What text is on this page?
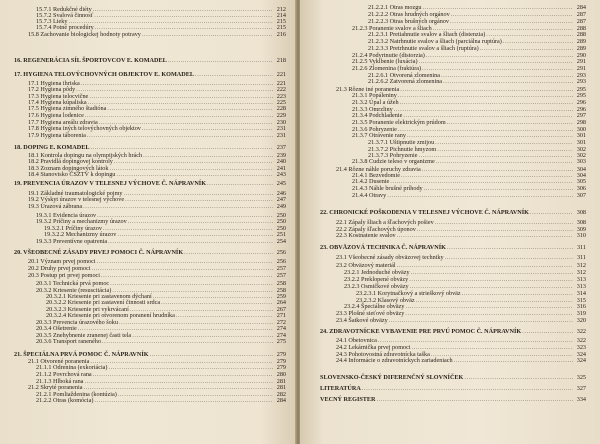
15.7.1 Redukčné diéty .....	212
15.7.2 Svalová činnosť .....	214
15.7.3 Lieky .....	215
15.7.4 Potné procedúry .....	215
15.8 Zachovanie biologickej hodnoty potravy .....	216
16. REGENERÁCIA SÍL ŠPORTOVCOV E. KOMADEL .....	218
17. HYGIENA TELOVÝCHOVNÝCH OBJEKTOV E. KOMADEL .....	221
17.1 Hygiena ihriska .....	221
17.2 Hygiena pôdy .....	222
17.3 Hygiena telocvične .....	223
17.4 Hygiena kúpaliska .....	225
17.5 Hygiena zimného štadióna .....	228
17.6 Hygiena lodenice .....	229
17.7 Hygiena areálu zdravia .....	230
17.8 Hygiena iných telovýchovných objektov .....	231
17.9 Hygiena táborenia .....	231
18. DOPING E. KOMADEL .....	237
18.1 Kontrola dopingu na olympijských hrách .....	239
18.2 Pravidlá dopingovej kontroly .....	240
18.3 Zoznam dopingových látok .....	241
18.4 Stanovisko ČSZTV k dopingu .....	243
19. PREVENCIA ÚRAZOV V TELESNEJ VÝCHOVE Č. NÁPRAVNÍK .....	245
19.1 Základné traumatologické pojmy .....	246
19.2 Výskyt úrazov v telesnej výchove .....	247
19.3 Úrazová zábrana .....	249
19.3.1 Evidencia úrazov .....	250
19.3.2 Príčiny a mechanizmy úrazov .....	250
19.3.2.1 Príčiny úrazov .....	250
19.3.2.2 Mechanizmy úrazov .....	251
19.3.3 Preventívne opatrenia .....	254
20. VŠEOBECNÉ ZÁSADY PRVEJ POMOCI Č. NÁPRAVNÍK .....	256
20.1 Význam prvej pomoci .....	256
20.2 Druhy prvej pomoci .....	257
20.3 Postup pri prvej pomoci .....	257
20.3.1 Technická prvá pomoc .....	258
20.3.2 Kriesenie (resuscitácia) .....	258
20.3.2.1 Kriesenie pri zastavenom dýchaní .....	259
20.3.2.2 Kriesenie pri zastavení činnosti srdca .....	264
20.3.2.3 Kriesenie pri vykrvácaní .....	267
20.3.2.4 Kriesenie pri otvorenom poranení hrudníka .....	271
20.3.3 Prevencia úrazového šoku .....	272
20.3.4 Ošetrenie .....	274
20.3.5 Znehybnenie zranenej časti tela .....	274
20.3.6 Transport raneného .....	275
21. ŠPECIÁLNA PRVÁ POMOC Č. NÁPRAVNÍK .....	279
21.1 Otvorené poranenia .....	279
21.1.1 Odrenina (exkoriácia) .....	279
21.1.2 Povrchová rana .....	280
21.1.3 Hlboká rana .....	281
21.2 Skryté poranenia .....	281
21.2.1 Pomliaždenina (kontúzia) .....	282
21.2.2 Otras (komócia) .....	284
21.2.2.1 Otras mozgu .....	284
21.2.2.2 Otras hrudných orgánov .....	287
21.2.2.3 Otras brušných orgánov .....	287
21.2.3 Poranenie svalov a šliach .....	288
21.2.3.1 Pretiahnutie svalov a šliach (distenzia) .....	288
21.2.3.2 Natrhnutie svalov a šliach (parciálna ruptúra) .....	289
21.2.3.3 Pretrhnutie svalov a šliach (ruptúra) .....	289
21.2.4 Podvrtnutie (distorzia) .....	290
21.2.5 Vykĺbenie (luxácia) .....	291
21.2.6 Zlomenina (fraktúra) .....	291
21.2.6.1 Otvorená zlomenina .....	293
21.2.6.2 Zatvorená zlomenina .....	293
21.3 Rôzne iné poranenia .....	295
21.3.1 Popáleniny .....	295
21.3.2 Úpal a úžeh .....	296
21.3.3 Omrzliny .....	296
21.3.4 Podchladenie .....	297
21.3.5 Poranenie elektrickým prúdom .....	298
21.3.6 Pohryzenie .....	300
21.3.7 Otrávenie rany .....	301
21.3.7.1 Uštipnutie zmijou .....	301
21.3.7.2 Pichnutie hmyzom .....	302
21.3.7.3 Pohryzenie .....	302
21.3.8 Cudzie teleso v organizme .....	303
21.4 Rôzne náhle poruchy zdravia .....	304
21.4.1 Bezvedomie .....	304
21.4.2 Dusenie .....	305
21.4.3 Náhle brušné príhody .....	306
21.4.4 Otravy .....	307
22. CHRONICKÉ POŠKODENIA V TELESNEJ VÝCHOVE Č. NÁPRAVNÍK .....	308
22.1 Zápaly šliach a šľachových pošiev .....	308
22.2 Zápaly šľachových úponov .....	309
22.3 Kostnatenie svalov .....	310
23. OBVÄZOVÁ TECHNIKA Č. NÁPRAVNÍK .....	311
23.1 Všeobecné zásady obväzovej techniky .....	311
23.2 Obväzový materiál .....	312
23.2.1 Jednoduché obväzy .....	312
23.2.2 Preklopené obväzy .....	313
23.2.3 Osmičkové obväzy .....	313
23.2.3.1 Korytnačkový a strieškový obväz .....	314
23.2.3.2 Klasový obväz .....	315
23.2.4 Špeciálne obväzy .....	316
23.3 Plošné sieťové obväzy .....	319
23.4 Šatkové obväzy .....	320
24. ZDRAVOTNÍCKE VYBAVENIE PRE PRVÚ POMOC Č. NÁPRAVNÍK .....	322
24.1 Obetovnica .....	322
24.2 Lekárnička prvej pomoci .....	323
24.3 Pohotovostná zdravotnícka taška .....	324
24.4 Informácie o zdravotníckych zariadeniach .....	324
SLOVENSKO-ČESKÝ DIFERENČNÝ SLOVNÍČEK .....	325
LITERATÚRA .....	327
VECNÝ REGISTER .....	334
